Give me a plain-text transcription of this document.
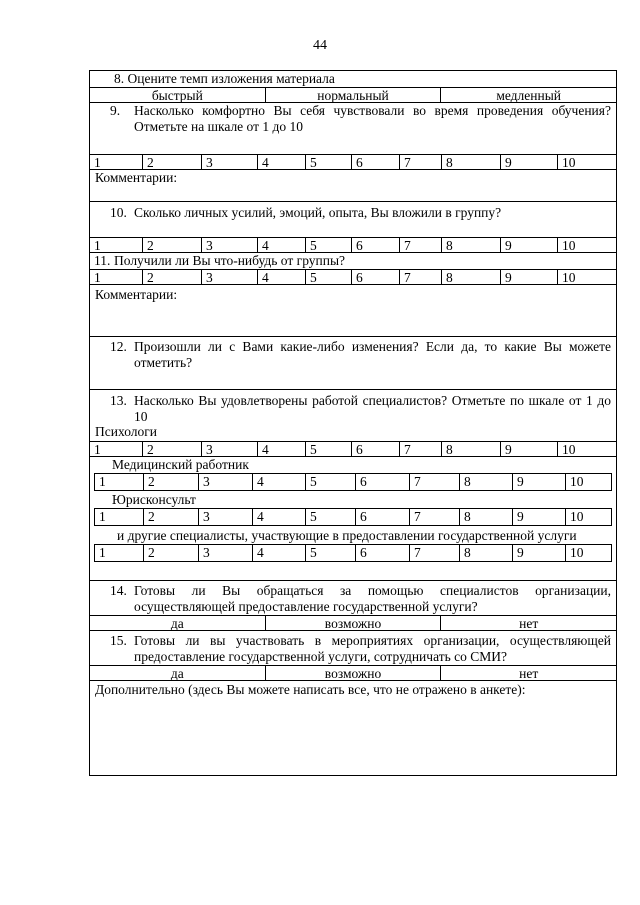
44
8. Оцените темп изложения материала
быстрый	нормальный	медленный
9. Насколько комфортно Вы себя чувствовали во время проведения обучения? Отметьте на шкале от 1 до 10
1	2	3	4	5	6	7	8	9	10
Комментарии:
10. Сколько личных усилий, эмоций, опыта, Вы вложили в группу?
1	2	3	4	5	6	7	8	9	10
11. Получили ли Вы что-нибудь от группы?
1	2	3	4	5	6	7	8	9	10
Комментарии:
12. Произошли ли с Вами какие-либо изменения? Если да, то какие Вы можете отметить?
13. Насколько Вы удовлетворены работой специалистов? Отметьте по шкале от 1 до 10
Психологи
1	2	3	4	5	6	7	8	9	10
Медицинский работник
1	2	3	4	5	6	7	8	9	10
Юрисконсульт
1	2	3	4	5	6	7	8	9	10
и другие специалисты, участвующие в предоставлении государственной услуги
1	2	3	4	5	6	7	8	9	10
14. Готовы ли Вы обращаться за помощью специалистов организации, осуществляющей предоставление государственной услуги?
да	возможно	нет
15. Готовы ли вы участвовать в мероприятиях организации, осуществляющей предоставление государственной услуги, сотрудничать со СМИ?
да	возможно	нет
Дополнительно (здесь Вы можете написать все, что не отражено в анкете):
